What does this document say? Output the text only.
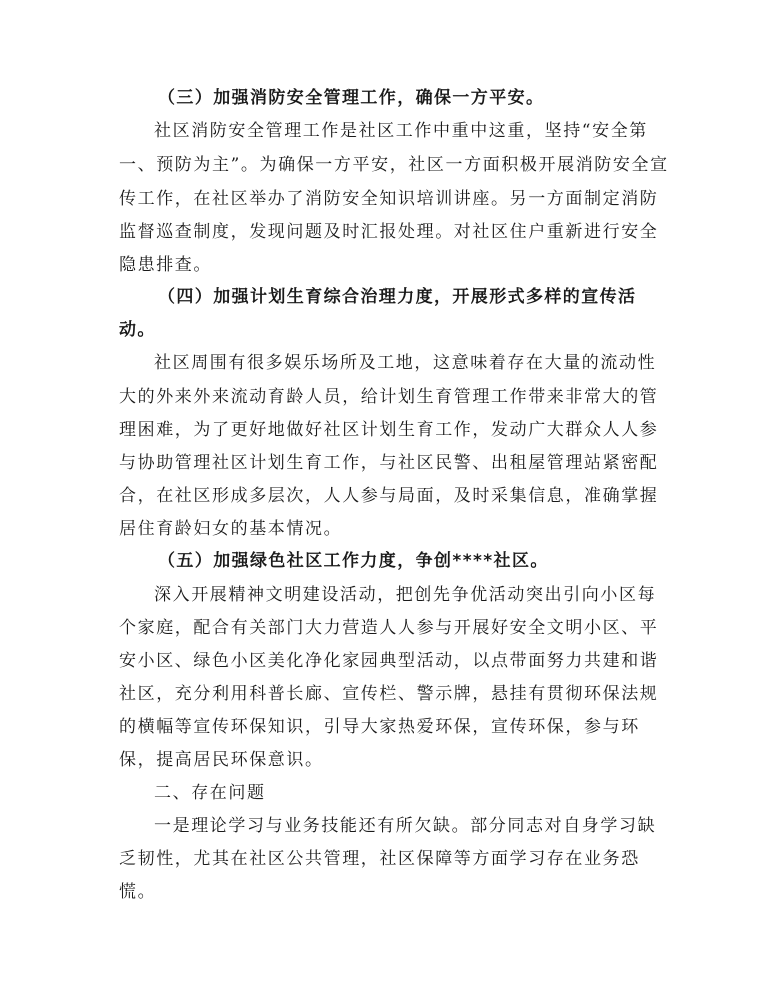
（三）加强消防安全管理工作，确保一方平安。
社区消防安全管理工作是社区工作中重中这重，坚持“安全第
一、预防为主”。为确保一方平安，社区一方面积极开展消防安全宣
传工作，在社区举办了消防安全知识培训讲座。另一方面制定消防
监督巡查制度，发现问题及时汇报处理。对社区住户重新进行安全
隐患排查。
（四）加强计划生育综合治理力度，开展形式多样的宣传活
动。
社区周围有很多娱乐场所及工地，这意味着存在大量的流动性
大的外来外来流动育龄人员，给计划生育管理工作带来非常大的管
理困难，为了更好地做好社区计划生育工作，发动广大群众人人参
与协助管理社区计划生育工作，与社区民警、出租屋管理站紧密配
合，在社区形成多层次，人人参与局面，及时采集信息，准确掌握
居住育龄妇女的基本情况。
（五）加强绿色社区工作力度，争创****社区。
深入开展精神文明建设活动，把创先争优活动突出引向小区每
个家庭，配合有关部门大力营造人人参与开展好安全文明小区、平
安小区、绿色小区美化净化家园典型活动，以点带面努力共建和谐
社区，充分利用科普长廊、宣传栏、警示牌，悬挂有贯彻环保法规
的横幅等宣传环保知识，引导大家热爱环保，宣传环保，参与环
保，提高居民环保意识。
二、存在问题
一是理论学习与业务技能还有所欠缺。部分同志对自身学习缺
乏韧性，尤其在社区公共管理，社区保障等方面学习存在业务恐
慌。
